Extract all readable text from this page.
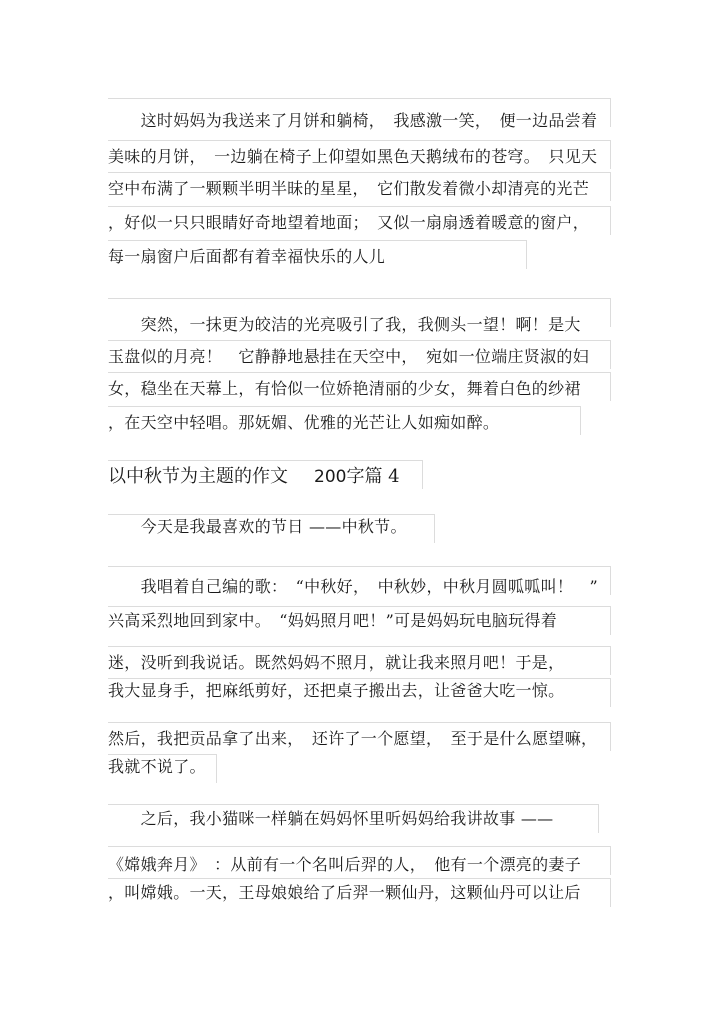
　　这时妈妈为我送来了月饼和躺椅，　我感激一笑，　便一边品尝着
美味的月饼，　一边躺在椅子上仰望如黑色天鹅绒布的苍穹。　只见天
空中布满了一颗颗半明半昧的星星，　它们散发着微小却清亮的光芒
，好似一只只眼睛好奇地望着地面；　又似一扇扇透着暖意的窗户，
每一扇窗户后面都有着幸福快乐的人儿
　　突然，一抹更为皎洁的光亮吸引了我，我侧头一望！啊！是大
玉盘似的月亮！　它静静地悬挂在天空中，　宛如一位端庄贤淑的妇
女，稳坐在天幕上，有恰似一位娇艳清丽的少女，舞着白色的纱裙
，在天空中轻唱。那妩媚、优雅的光芒让人如痴如醉。
以中秋节为主题的作文 200字篇 4
　　今天是我最喜欢的节日 ——中秋节。
　　我唱着自己编的歌：　“中秋好，　中秋妙，中秋月圆呱呱叫！　”
兴高采烈地回到家中。　“妈妈照月吧！”可是妈妈玩电脑玩得着
迷，没听到我说话。既然妈妈不照月，就让我来照月吧！于是，
我大显身手，把麻纸剪好，还把桌子搬出去，让爸爸大吃一惊。
然后，我把贡品拿了出来，　还许了一个愿望，　至于是什么愿望嘛，
我就不说了。
　　之后，我小猫咪一样躺在妈妈怀里听妈妈给我讲故事 ——
《嫦娥奔月》　：从前有一个名叫后羿的人，　他有一个漂亮的妻子
，叫嫦娥。一天，王母娘娘给了后羿一颗仙丹，这颗仙丹可以让后
